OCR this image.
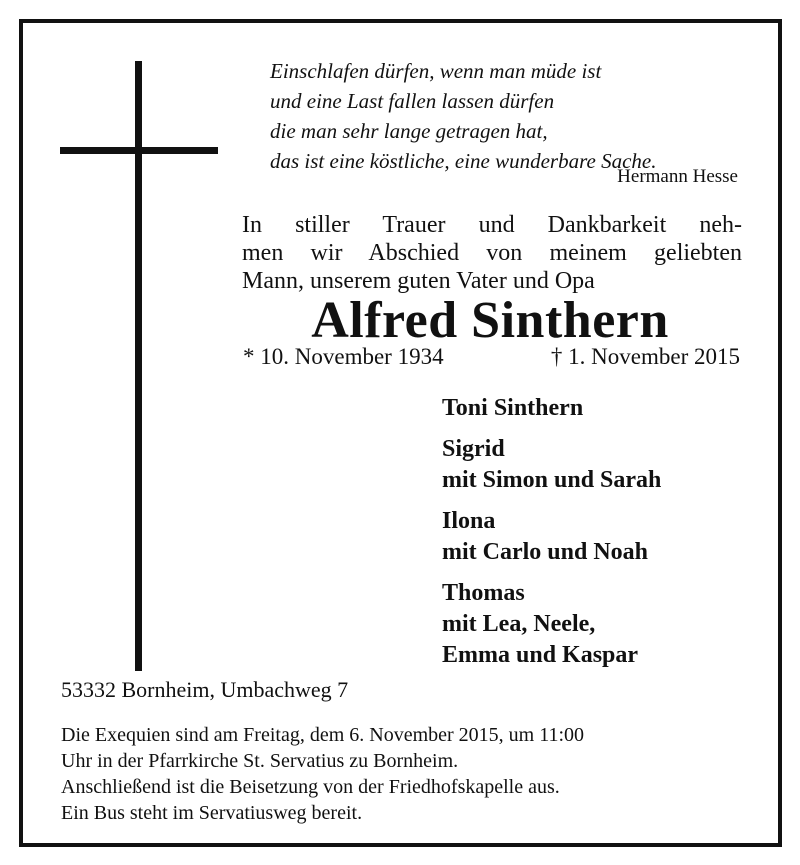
Einschlafen dürfen, wenn man müde ist
und eine Last fallen lassen dürfen
die man sehr lange getragen hat,
das ist eine köstliche, eine wunderbare Sache.
Hermann Hesse
In stiller Trauer und Dankbarkeit neh-
men wir Abschied von meinem geliebten
Mann, unserem guten Vater und Opa
Alfred Sinthern
* 10. November 1934	† 1. November 2015
Toni Sinthern
Sigrid
mit Simon und Sarah
Ilona
mit Carlo und Noah
Thomas
mit Lea, Neele,
Emma und Kaspar
53332 Bornheim, Umbachweg 7
Die Exequien sind am Freitag, dem 6. November 2015, um 11:00
Uhr in der Pfarrkirche St. Servatius zu Bornheim.
Anschließend ist die Beisetzung von der Friedhofskapelle aus.
Ein Bus steht im Servatiusweg bereit.
